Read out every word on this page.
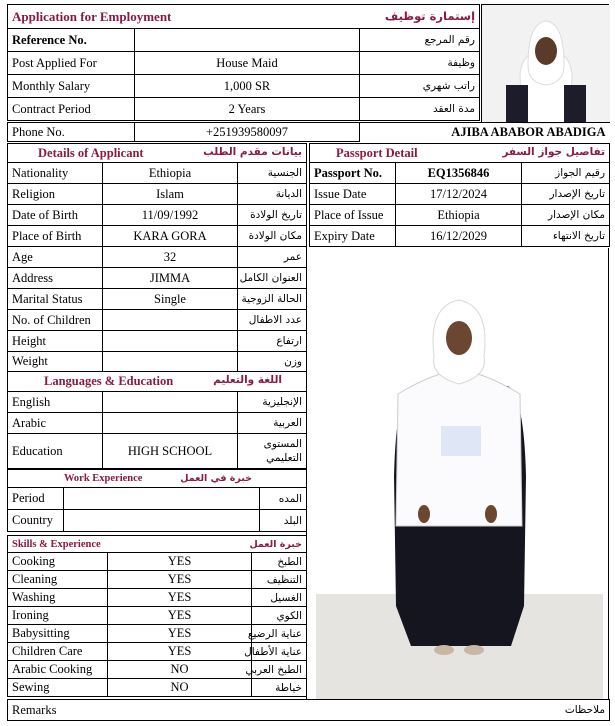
Application for Employment إستمارة توظيف		

Reference No.		رقم المرجع
Post Applied For	House Maid	وظيفة
Monthly Salary	1,000 SR	راتب شهري
Contract Period	2 Years	مدة العقد
Phone No.	+251939580097	AJIBA ABABOR ABADIGA
Details of Applicant بيانات مقدم الطلب		

Nationality	Ethiopia	الجنسية
Religion	Islam	الديانة
Date of Birth	11/09/1992	تاريخ الولادة
Place of Birth	KARA GORA	مكان الولادة
Age	32	عمر
Address	JIMMA	العنوان الكامل
Marital Status	Single	الحالة الزوجية
No. of Children		عدد الاطفال
Height		ارتفاع
Weight		وزن
Languages & Education اللغة والتعليم		

English		الإنجليزية
Arabic		العربية
Education	HIGH SCHOOL	المستوى التعليمي
Work Experience خبرة في العمل		

Period		المده
Country		البلد
Skills & Experience خبرة العمل		

Cooking	YES	الطبخ
Cleaning	YES	التنظيف
Washing	YES	الغسيل
Ironing	YES	الكوي
Babysitting	YES	عناية الرضيع
Children Care	YES	عناية الأطفال
Arabic Cooking	NO	الطبخ العربي
Sewing	NO	خياطة
Passport Detail تفاصيل جواز السفر		

Passport No.	EQ1356846	رقيم الجواز
Issue Date	17/12/2024	تاريخ الإصدار
Place of Issue	Ethiopia	مكان الإصدار
Expiry Date	16/12/2029	تاريخ الانتهاء
Remarks	ملاحظات
